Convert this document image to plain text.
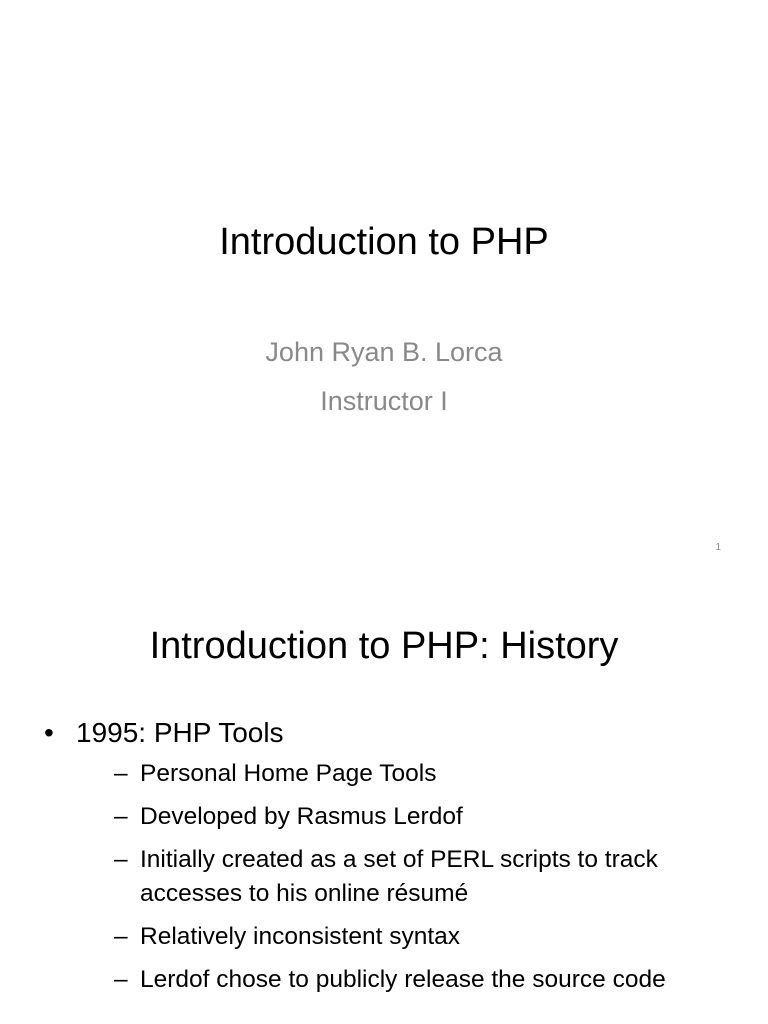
Introduction to PHP
John Ryan B. Lorca
Instructor I
1
Introduction to PHP: History
• 1995: PHP Tools
– Personal Home Page Tools
– Developed by Rasmus Lerdof
– Initially created as a set of PERL scripts to track accesses to his online résumé
– Relatively inconsistent syntax
– Lerdof chose to publicly release the source code
